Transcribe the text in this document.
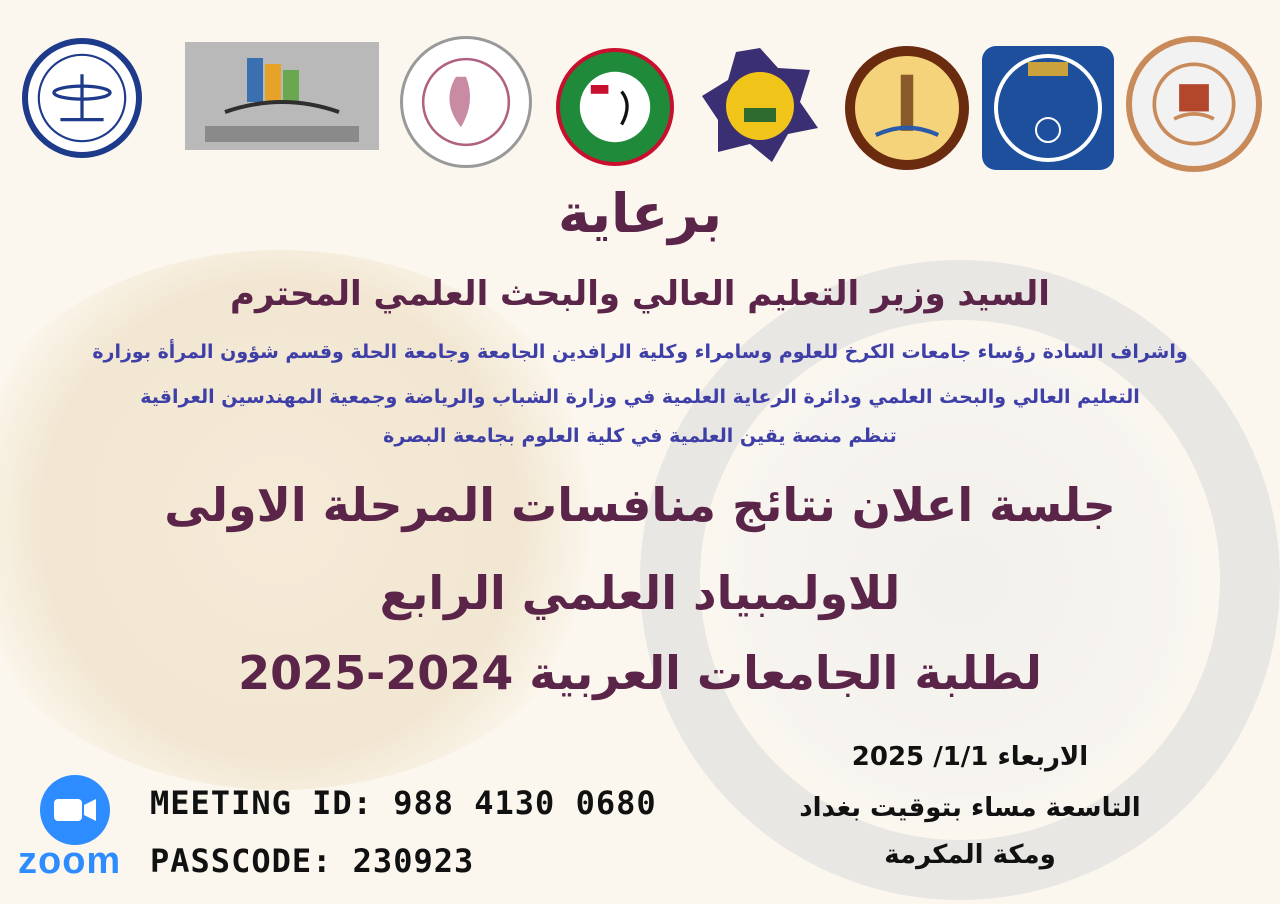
برعاية
السيد وزير التعليم العالي والبحث العلمي المحترم
واشراف السادة رؤساء جامعات الكرخ للعلوم وسامراء وكلية الرافدين الجامعة وجامعة الحلة وقسم شؤون المرأة بوزارة
التعليم العالي والبحث العلمي ودائرة الرعاية العلمية في وزارة الشباب والرياضة وجمعية المهندسين العراقية
تنظم منصة يقين العلمية في كلية العلوم بجامعة البصرة
جلسة اعلان نتائج منافسات المرحلة الاولى
للاولمبياد العلمي الرابع
لطلبة الجامعات العربية 2024-2025
zoom
MEETING ID: 988 4130 0680
PASSCODE: 230923
الاربعاء 1/1/ 2025
التاسعة مساء بتوقيت بغداد
ومكة المكرمة
